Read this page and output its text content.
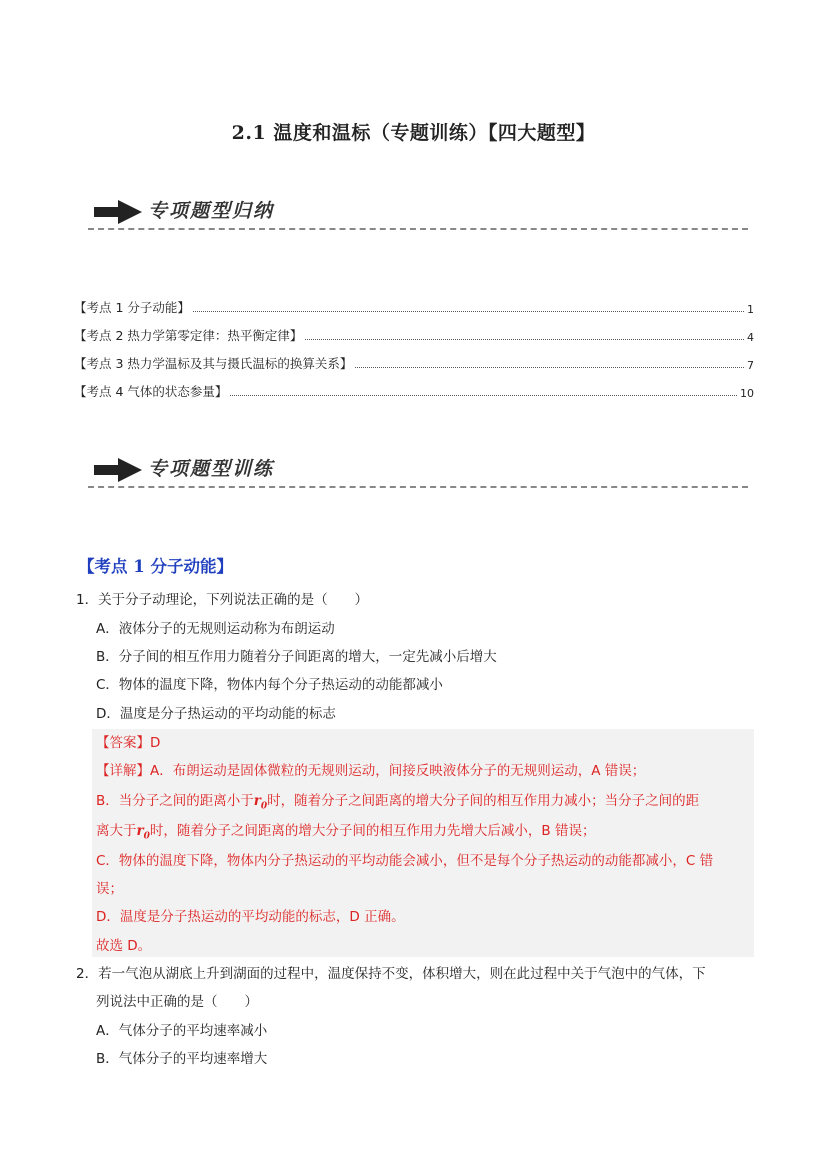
2.1 温度和温标（专题训练）【四大题型】
专项题型归纳
【考点 1 分子动能】	1
【考点 2 热力学第零定律：热平衡定律】	4
【考点 3 热力学温标及其与摄氏温标的换算关系】	7
【考点 4 气体的状态参量】	10
专项题型训练
【考点 1 分子动能】
1．关于分子动理论，下列说法正确的是（　　）
A．液体分子的无规则运动称为布朗运动
B．分子间的相互作用力随着分子间距离的增大，一定先减小后增大
C．物体的温度下降，物体内每个分子热运动的动能都减小
D．温度是分子热运动的平均动能的标志
【答案】D
【详解】A．布朗运动是固体微粒的无规则运动，间接反映液体分子的无规则运动，A 错误；
B．当分子之间的距离小于$r_0$时，随着分子之间距离的增大分子间的相互作用力减小；当分子之间的距
离大于$r_0$时，随着分子之间距离的增大分子间的相互作用力先增大后减小，B 错误；
C．物体的温度下降，物体内分子热运动的平均动能会减小，但不是每个分子热运动的动能都减小，C 错
误；
D．温度是分子热运动的平均动能的标志，D 正确。
故选 D。
2．若一气泡从湖底上升到湖面的过程中，温度保持不变，体积增大，则在此过程中关于气泡中的气体，下
列说法中正确的是（　　）
A．气体分子的平均速率减小
B．气体分子的平均速率增大
